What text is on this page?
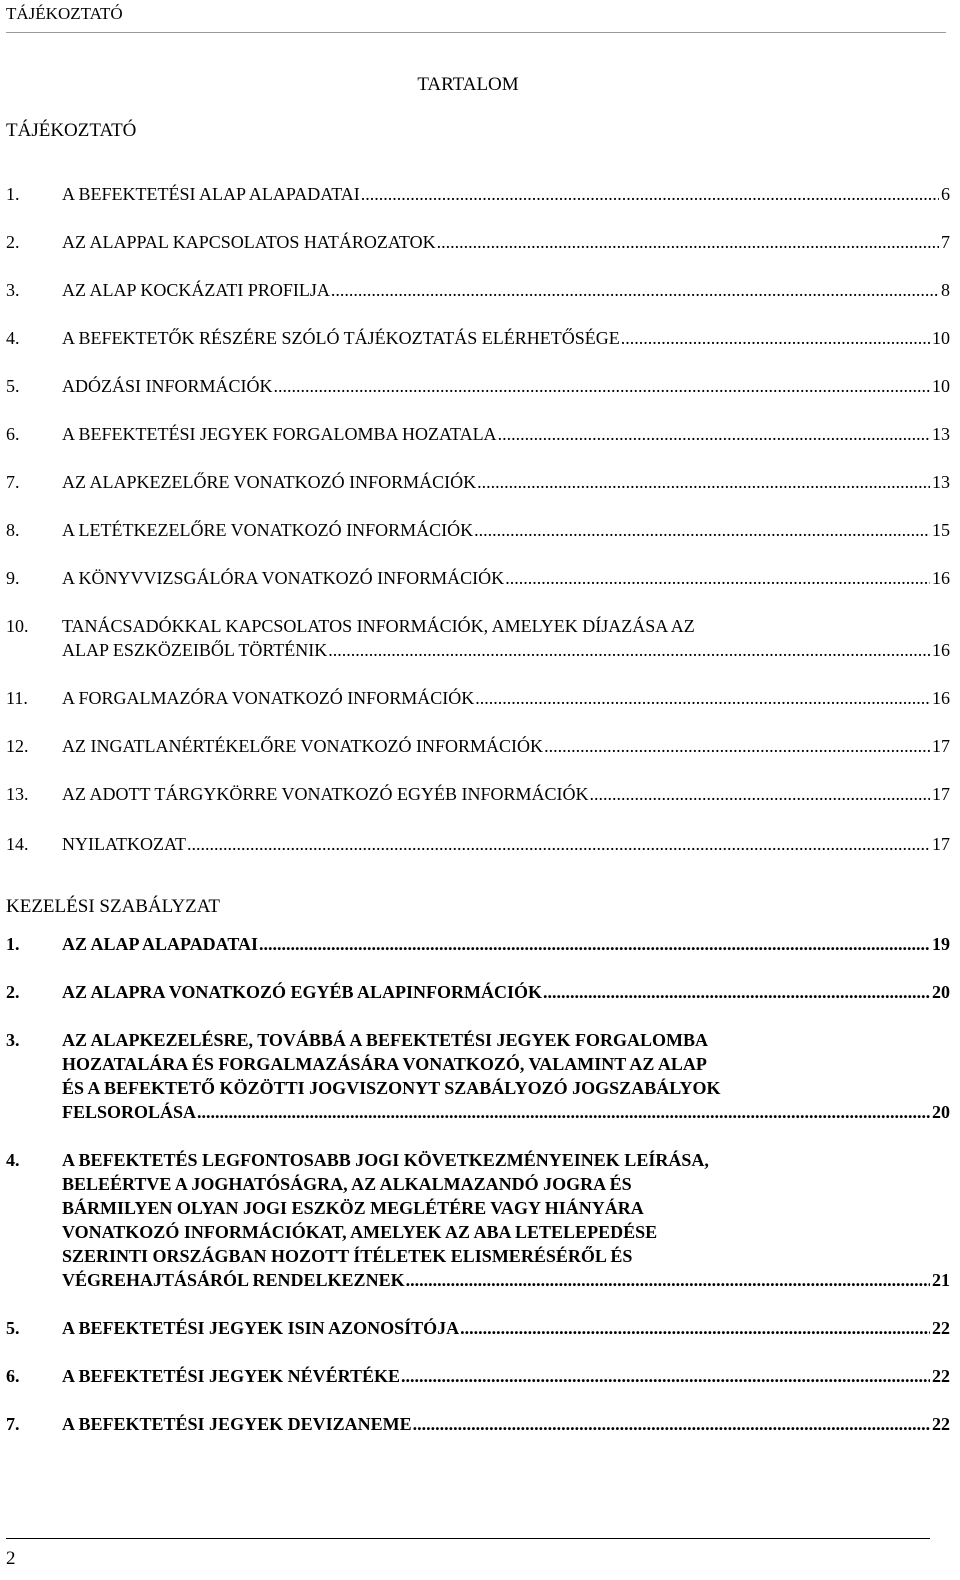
TÁJÉKOZTATÓ
TARTALOM
TÁJÉKOZTATÓ
1.	A BEFEKTETÉSI ALAP ALAPADATAI .....	6
2.	AZ ALAPPAL KAPCSOLATOS HATÁROZATOK .....	7
3.	AZ ALAP KOCKÁZATI PROFILJA .....	8
4.	A BEFEKTETŐK RÉSZÉRE SZÓLÓ TÁJÉKOZTATÁS ELÉRHETŐSÉGE .....	10
5.	ADÓZÁSI INFORMÁCIÓK .....	10
6.	A BEFEKTETÉSI JEGYEK FORGALOMBA HOZATALA .....	13
7.	AZ ALAPKEZELŐRE VONATKOZÓ INFORMÁCIÓK .....	13
8.	A LETÉTKEZELŐRE VONATKOZÓ INFORMÁCIÓK .....	15
9.	A KÖNYVVIZSGÁLÓRA VONATKOZÓ INFORMÁCIÓK .....	16
10.	TANÁCSADÓKKAL KAPCSOLATOS INFORMÁCIÓK, AMELYEK DÍJAZÁSA AZ
ALAP ESZKÖZEIBŐL TÖRTÉNIK .....	16
11.	A FORGALMAZÓRA VONATKOZÓ INFORMÁCIÓK .....	16
12.	AZ INGATLANÉRTÉKELŐRE VONATKOZÓ INFORMÁCIÓK .....	17
13.	AZ ADOTT TÁRGYKÖRRE VONATKOZÓ EGYÉB INFORMÁCIÓK .....	17
14.	NYILATKOZAT .....	17
KEZELÉSI SZABÁLYZAT
1.	AZ ALAP ALAPADATAI .....	19
2.	AZ ALAPRA VONATKOZÓ EGYÉB ALAPINFORMÁCIÓK .....	20
3.	AZ ALAPKEZELÉSRE, TOVÁBBÁ A BEFEKTETÉSI JEGYEK FORGALOMBA
HOZATALÁRA ÉS FORGALMAZÁSÁRA VONATKOZÓ, VALAMINT AZ ALAP
ÉS A BEFEKTETŐ KÖZÖTTI JOGVISZONYT SZABÁLYOZÓ JOGSZABÁLYOK
FELSOROLÁSA .....	20
4.	A BEFEKTETÉS LEGFONTOSABB JOGI KÖVETKEZMÉNYEINEK LEÍRÁSA,
BELEÉRTVE A JOGHATÓSÁGRA, AZ ALKALMAZANDÓ JOGRA ÉS
BÁRMILYEN OLYAN JOGI ESZKÖZ MEGLÉTÉRE VAGY HIÁNYÁRA
VONATKOZÓ INFORMÁCIÓKAT, AMELYEK AZ ABA LETELEPEDÉSE
SZERINTI ORSZÁGBAN HOZOTT ÍTÉLETEK ELISMERÉSÉRŐL ÉS
VÉGREHAJTÁSÁRÓL RENDELKEZNEK .....	21
5.	A BEFEKTETÉSI JEGYEK ISIN AZONOSÍTÓJA .....	22
6.	A BEFEKTETÉSI JEGYEK NÉVÉRTÉKE .....	22
7.	A BEFEKTETÉSI JEGYEK DEVIZANEME .....	22
2
